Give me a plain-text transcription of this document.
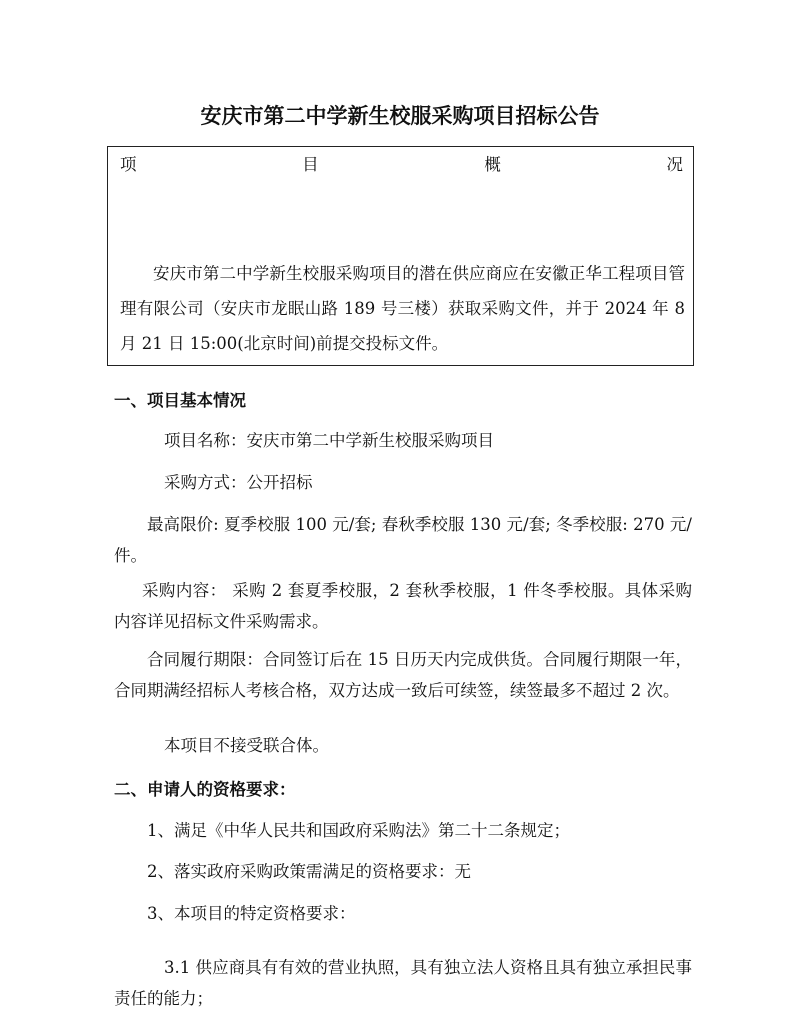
安庆市第二中学新生校服采购项目招标公告
项	目	概	况
安庆市第二中学新生校服采购项目的潜在供应商应在安徽正华工程项目管理有限公司（安庆市龙眠山路 189 号三楼）获取采购文件，并于 2024 年 8 月 21 日 15:00(北京时间)前提交投标文件。
一、项目基本情况
项目名称：安庆市第二中学新生校服采购项目
采购方式：公开招标
最高限价: 夏季校服 100 元/套; 春秋季校服 130 元/套; 冬季校服: 270 元/件。
采购内容： 采购 2 套夏季校服，2 套秋季校服，1 件冬季校服。具体采购内容详见招标文件采购需求。
合同履行期限：合同签订后在 15 日历天内完成供货。合同履行期限一年，合同期满经招标人考核合格，双方达成一致后可续签，续签最多不超过 2 次。
本项目不接受联合体。
二、申请人的资格要求：
1、满足《中华人民共和国政府采购法》第二十二条规定；
2、落实政府采购政策需满足的资格要求：无
3、本项目的特定资格要求：
3.1 供应商具有有效的营业执照，具有独立法人资格且具有独立承担民事责任的能力；
